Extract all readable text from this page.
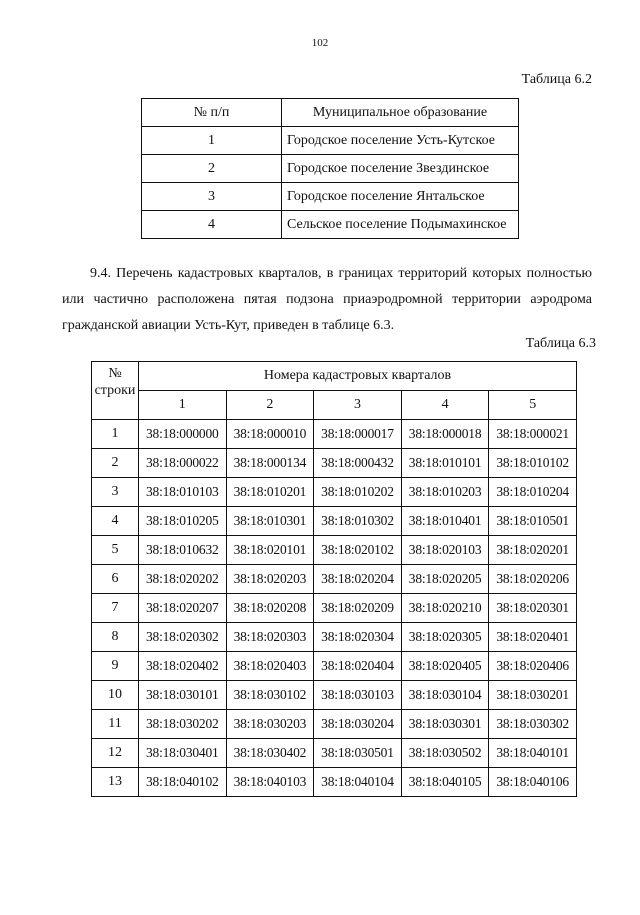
102
Таблица 6.2
№ п/п	Муниципальное образование
1	Городское поселение Усть-Кутское
2	Городское поселение Звездинское
3	Городское поселение Янтальское
4	Сельское поселение Подымахинское
9.4. Перечень кадастровых кварталов, в границах территорий которых полностью или частично расположена пятая подзона приаэродромной территории аэродрома гражданской авиации Усть-Кут, приведен в таблице 6.3.
Таблица 6.3
№
строки	Номера кадастровых кварталов				
	1	2	3	4	5
1	38:18:000000	38:18:000010	38:18:000017	38:18:000018	38:18:000021
2	38:18:000022	38:18:000134	38:18:000432	38:18:010101	38:18:010102
3	38:18:010103	38:18:010201	38:18:010202	38:18:010203	38:18:010204
4	38:18:010205	38:18:010301	38:18:010302	38:18:010401	38:18:010501
5	38:18:010632	38:18:020101	38:18:020102	38:18:020103	38:18:020201
6	38:18:020202	38:18:020203	38:18:020204	38:18:020205	38:18:020206
7	38:18:020207	38:18:020208	38:18:020209	38:18:020210	38:18:020301
8	38:18:020302	38:18:020303	38:18:020304	38:18:020305	38:18:020401
9	38:18:020402	38:18:020403	38:18:020404	38:18:020405	38:18:020406
10	38:18:030101	38:18:030102	38:18:030103	38:18:030104	38:18:030201
11	38:18:030202	38:18:030203	38:18:030204	38:18:030301	38:18:030302
12	38:18:030401	38:18:030402	38:18:030501	38:18:030502	38:18:040101
13	38:18:040102	38:18:040103	38:18:040104	38:18:040105	38:18:040106
